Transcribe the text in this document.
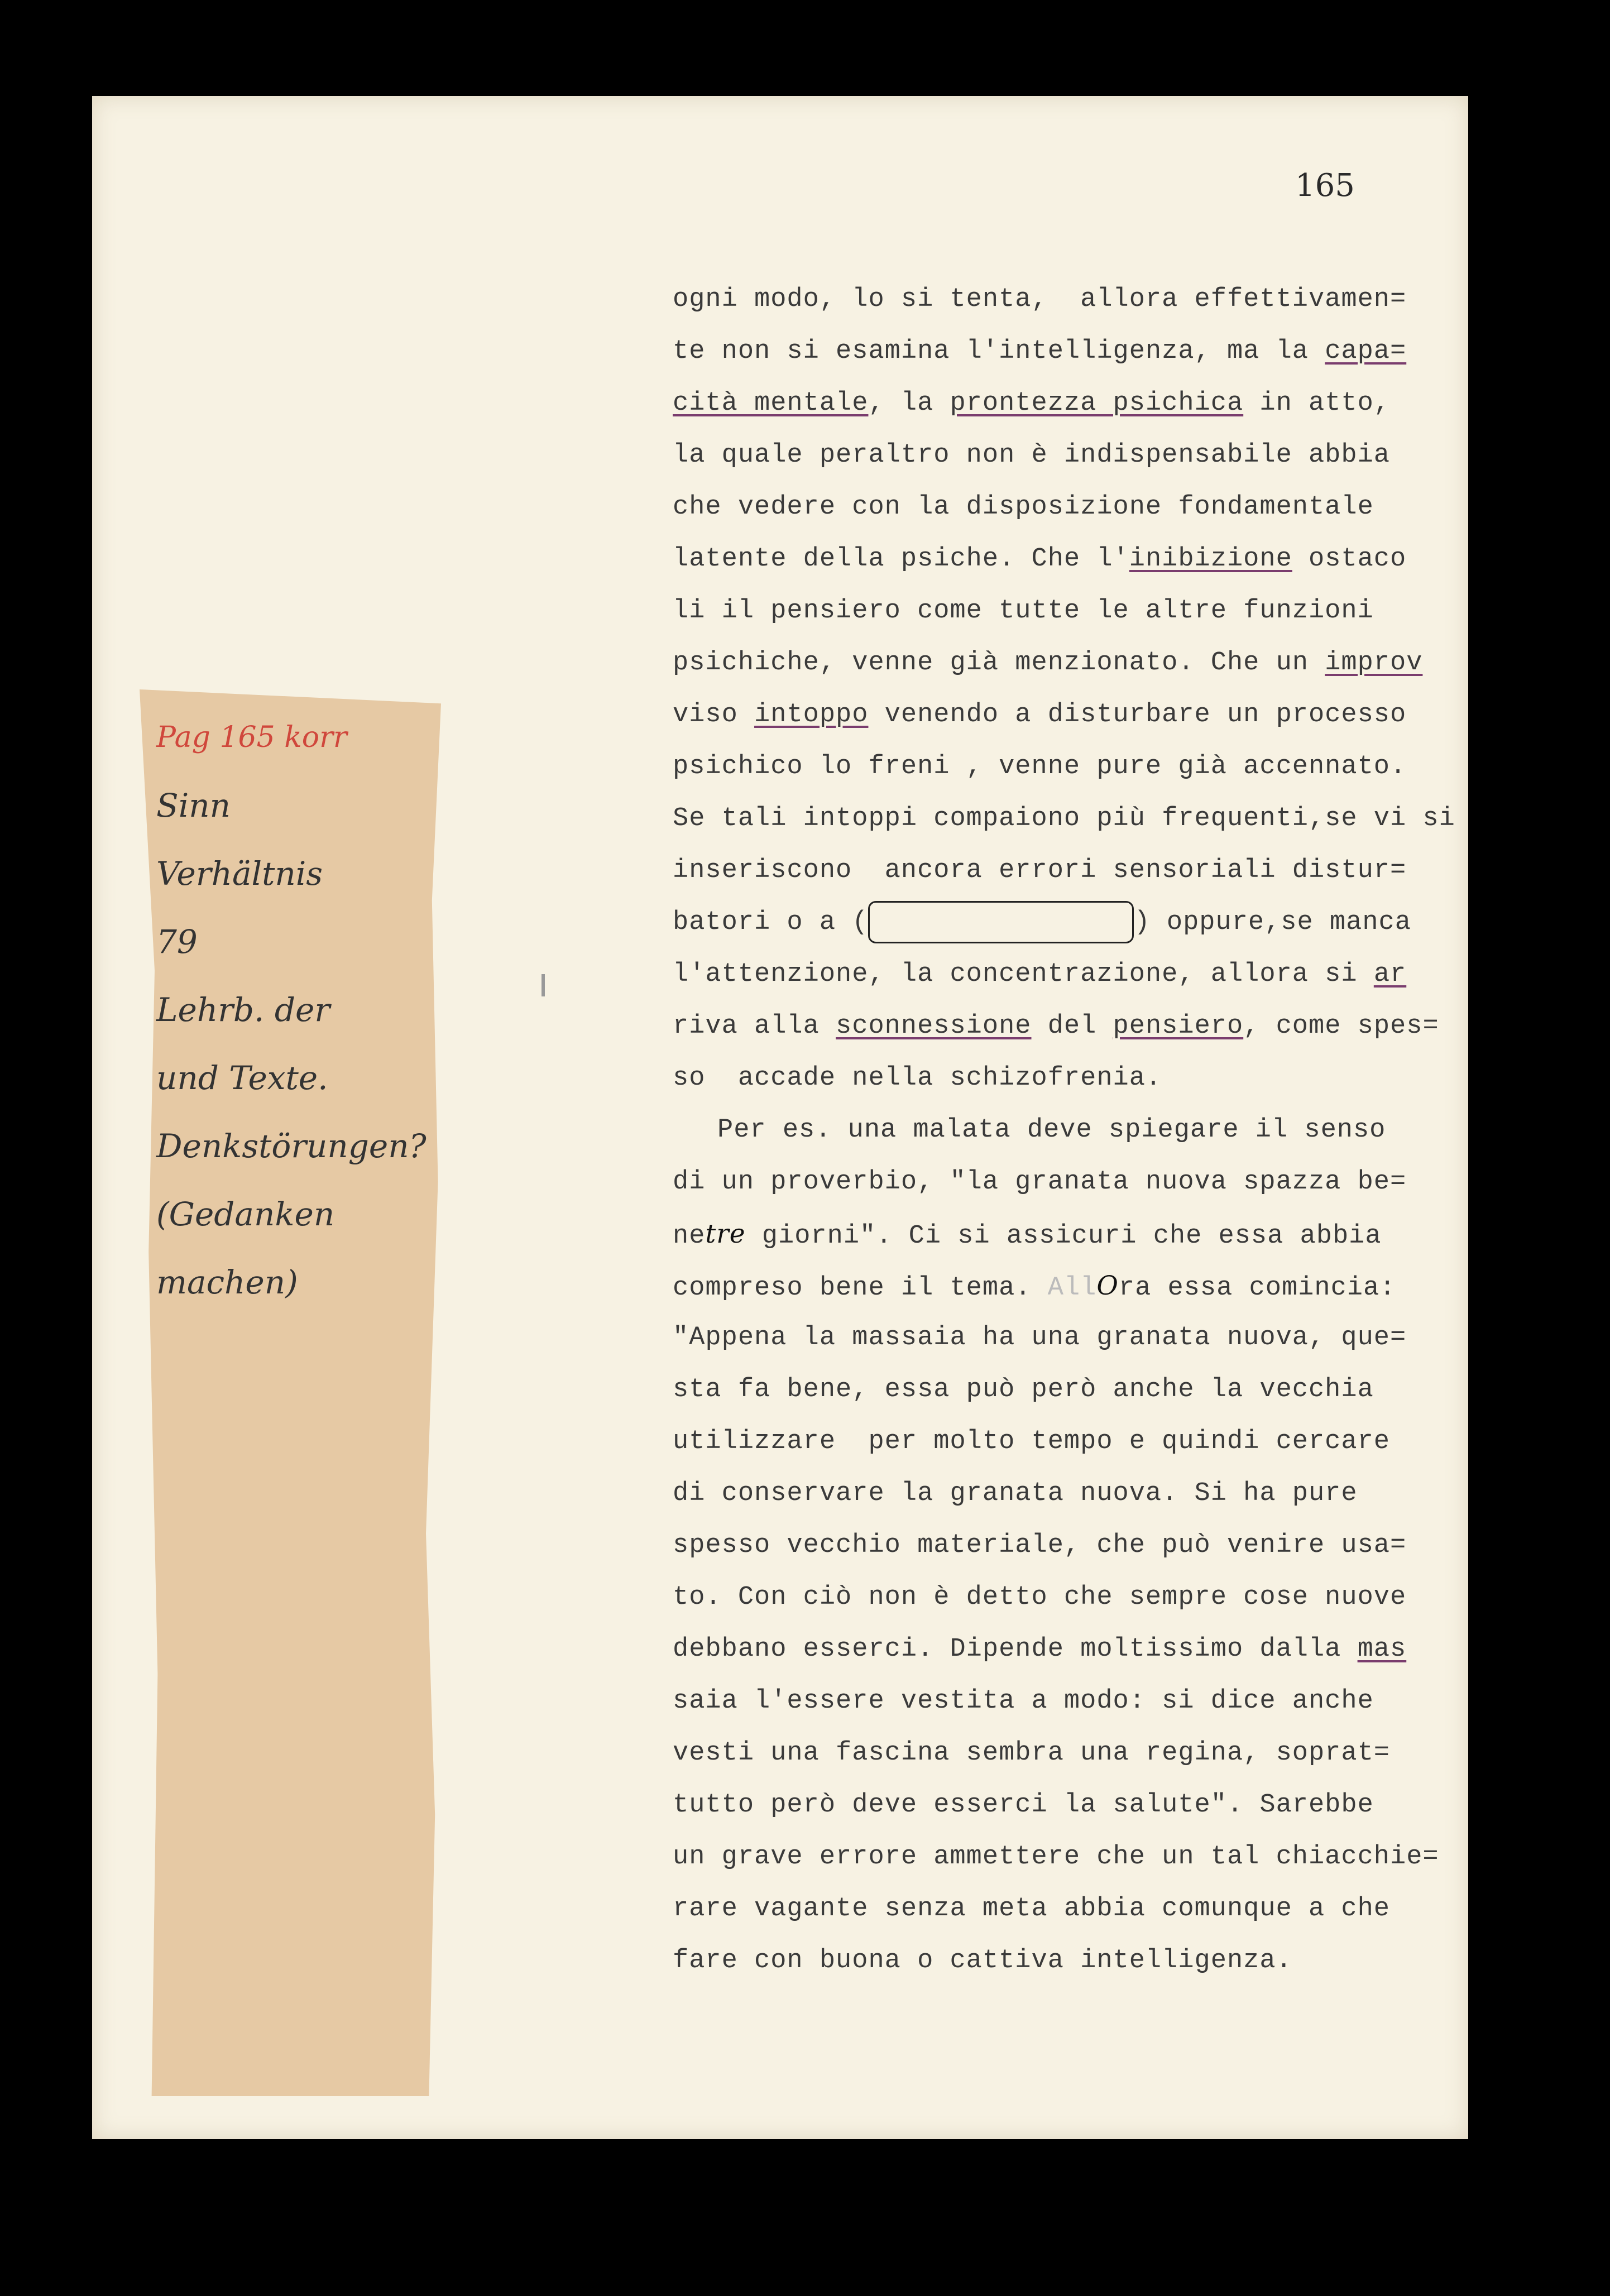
165
ogni modo, lo si tenta,  allora effettivamen=
te non si esamina l'intelligenza, ma la capa=
cità mentale, la prontezza psichica in atto,
la quale peraltro non è indispensabile abbia
che vedere con la disposizione fondamentale
latente della psiche. Che l'inibizione ostaco
li il pensiero come tutte le altre funzioni
psichiche, venne già menzionato. Che un improv
viso intoppo venendo a disturbare un processo
psichico lo freni , venne pure già accennato.
Se tali intoppi compaiono più frequenti,se vi si
inseriscono  ancora errori sensoriali distur=
batori o a (	) oppure,se manca
l'attenzione, la concentrazione, allora si ar
riva alla sconnessione del pensiero, come spes=
so  accade nella schizofrenia.
Per es. una malata deve spiegare il senso
di un proverbio, "la granata nuova spazza be=
netre giorni". Ci si assicuri che essa abbia
compreso bene il tema. AllOra essa comincia:
"Appena la massaia ha una granata nuova, que=
sta fa bene, essa può però anche la vecchia
utilizzare  per molto tempo e quindi cercare
di conservare la granata nuova. Si ha pure
spesso vecchio materiale, che può venire usa=
to. Con ciò non è detto che sempre cose nuove
debbano esserci. Dipende moltissimo dalla mas
saia l'essere vestita a modo: si dice anche
vesti una fascina sembra una regina, soprat=
tutto però deve esserci la salute". Sarebbe
un grave errore ammettere che un tal chiacchie=
rare vagante senza meta abbia comunque a che
fare con buona o cattiva intelligenza.
Pag 165 korr
Sinn
Verhältnis
79
Lehrb. der
und Texte.
Denkstörungen?
(Gedanken
machen)
